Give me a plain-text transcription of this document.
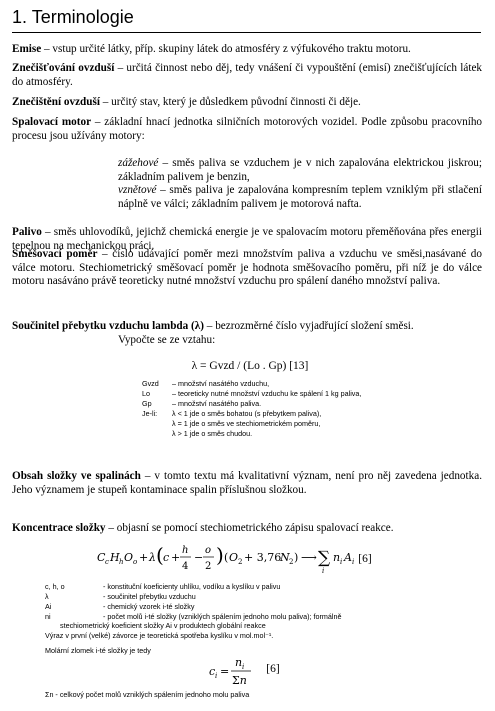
1. Terminologie
Emise – vstup určité látky, příp. skupiny látek do atmosféry z výfukového traktu motoru.
Znečišťování ovzduší – určitá činnost nebo děj, tedy vnášení či vypouštění (emisí) znečišťujících látek do atmosféry.
Znečištění ovzduší – určitý stav, který je důsledkem původní činnosti či děje.
Spalovací motor – základní hnací jednotka silničních motorových vozidel. Podle způsobu pracovního procesu jsou užívány motory:
zážehové – směs paliva se vzduchem je v nich zapalována elektrickou jiskrou; základním palivem je benzin,
vznětové – směs paliva je zapalována kompresním teplem vzniklým při stlačení náplně ve válci; základním palivem je motorová nafta.
Palivo – směs uhlovodíků, jejichž chemická energie je ve spalovacím motoru přeměňována přes energii tepelnou na mechanickou práci.
Směšovací poměr – číslo udávající poměr mezi množstvím paliva a vzduchu ve směsi,nasávané do válce motoru. Stechiometrický směšovací poměr je hodnota směšovacího poměru, při níž je do válce motoru nasáváno právě teoreticky nutné množství vzduchu pro spálení daného množství paliva.
Součinitel přebytku vzduchu lambda (λ) – bezrozměrné číslo vyjadřující složení směsi.
Vypočte se ze vztahu:
λ = Gvzd / (Lo . Gp) [13]
Gvzd – množství nasátého vzduchu,
Lo	– teoreticky nutné množství vzduchu ke spálení 1 kg paliva,
Gp	– množství nasátého paliva.
Je-li: λ < 1 jde o směs bohatou (s přebytkem paliva),
λ = 1 jde o směs ve stechiometrickém poměru,
λ > 1 jde o směs chudou.
Obsah složky ve spalinách – v tomto textu má kvalitativní význam, není pro něj zavedena jednotka. Jeho významem je stupeň kontaminace spalin příslušnou složkou.
Koncentrace složky – objasní se pomocí stechiometrického zápisu spalovací reakce.
C c H h O o + λ ( c +
h
4
−
o
2 ) ( O 2 + 3,76
N 2 ) ⟶ ∑
i
n i A i [6]
c, h, o	- konstituční koeficienty uhlíku, vodíku a kyslíku v palivu
λ	- součinitel přebytku vzduchu
Ai	- chemický vzorek i-té složky
ni	- počet molů i-té složky (vzniklých spálením jednoho molu paliva); formálně
stechiometrický koeficient složky Ai v produktech globální reakce
Výraz v první (velké) závorce je teoretická spotřeba kyslíku v mol.mol⁻¹.
Molární zlomek i-té složky je tedy
c i =
n i
Σn
[6]
Σn - celkový počet molů vzniklých spálením jednoho molu paliva
